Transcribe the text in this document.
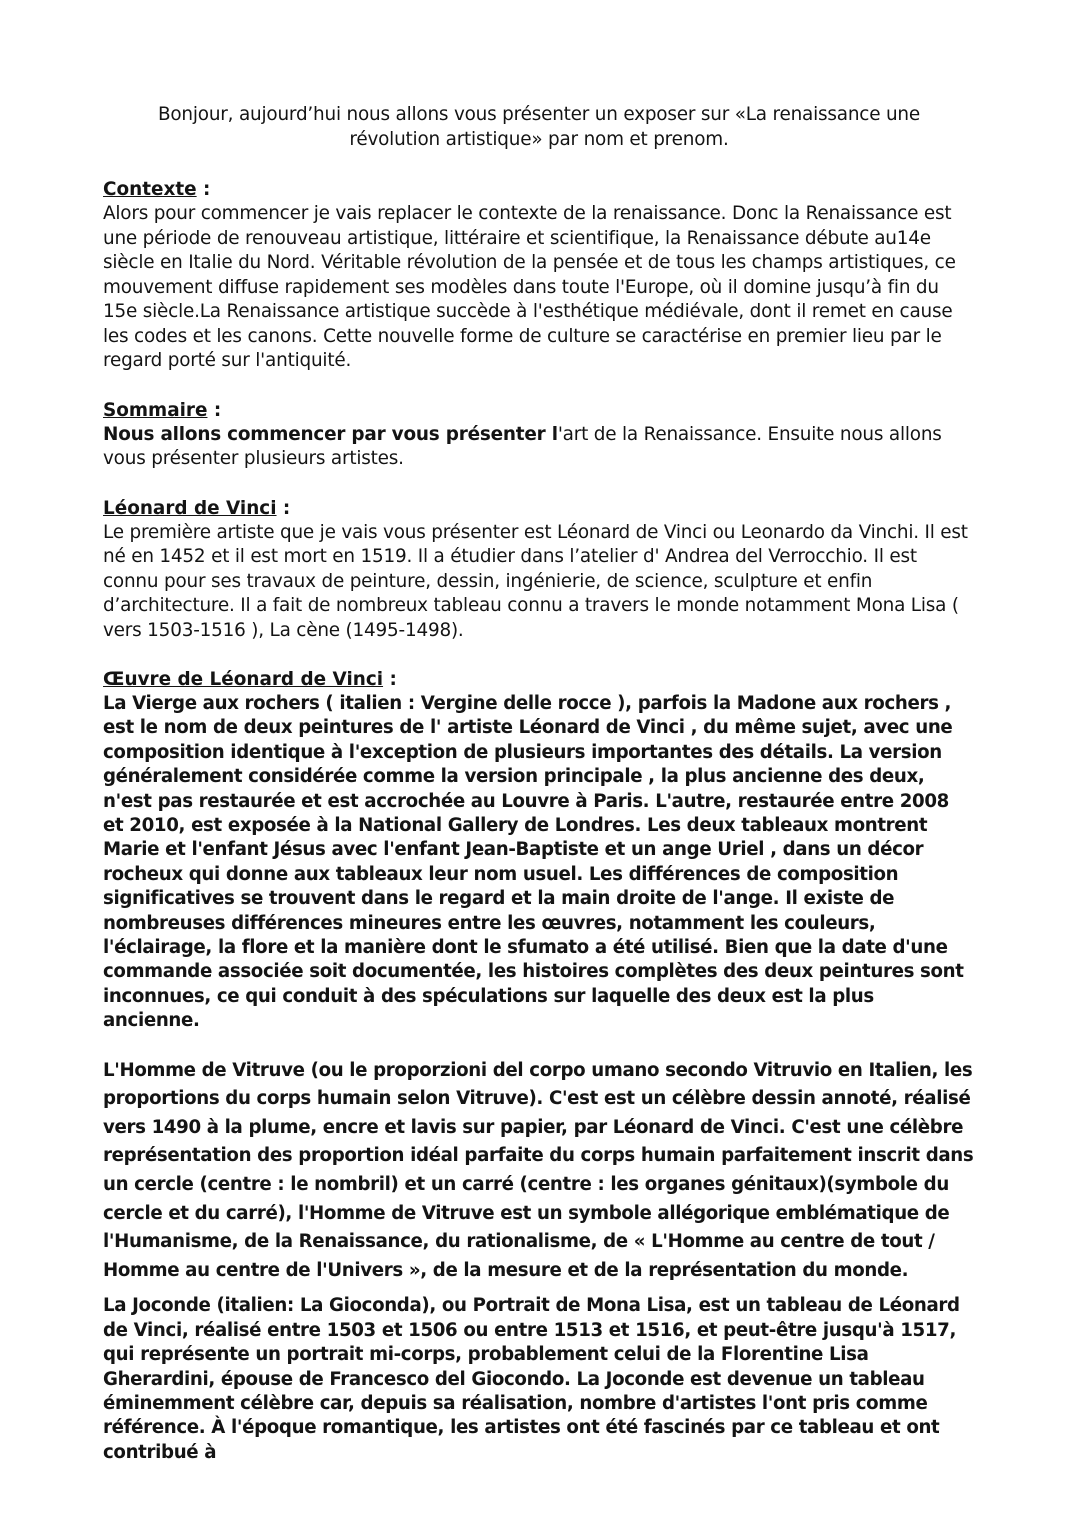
Bonjour, aujourd’hui nous allons vous présenter un exposer sur «La renaissance une révolution artistique» par nom et prenom.

Contexte :

Alors pour commencer je vais replacer le contexte de la renaissance. Donc la Renaissance est une période de renouveau artistique, littéraire et scientifique, la Renaissance débute au14e siècle en Italie du Nord. Véritable révolution de la pensée et de tous les champs artistiques, ce mouvement diffuse rapidement ses modèles dans toute l'Europe, où il domine jusqu’à fin du 15e siècle.La Renaissance artistique succède à l'esthétique médiévale, dont il remet en cause les codes et les canons. Cette nouvelle forme de culture se caractérise en premier lieu par le regard porté sur l'antiquité.

Sommaire :

Nous allons commencer par vous présenter l'art de la Renaissance. Ensuite nous allons vous présenter plusieurs artistes.

Léonard de Vinci :

Le première artiste que je vais vous présenter est Léonard de Vinci ou Leonardo da Vinchi. Il est né en 1452 et il est mort en 1519. Il a étudier dans l’atelier d' Andrea del Verrocchio. Il est connu pour ses travaux de peinture, dessin, ingénierie, de science, sculpture et enfin d’architecture. Il a fait de nombreux tableau connu a travers le monde notamment Mona Lisa ( vers 1503-1516 ), La cène (1495-1498).

Œuvre de Léonard de Vinci :

La Vierge aux rochers ( italien : Vergine delle rocce ), parfois la Madone aux rochers , est le nom de deux peintures de l' artiste Léonard de Vinci , du même sujet, avec une composition identique à l'exception de plusieurs importantes des détails. La version généralement considérée comme la version principale , la plus ancienne des deux, n'est pas restaurée et est accrochée au Louvre à Paris. L'autre, restaurée entre 2008 et 2010, est exposée à la National Gallery de Londres. Les deux tableaux montrent Marie et l'enfant Jésus avec l'enfant Jean-Baptiste et un ange Uriel , dans un décor rocheux qui donne aux tableaux leur nom usuel. Les différences de composition significatives se trouvent dans le regard et la main droite de l'ange. Il existe de nombreuses différences mineures entre les œuvres, notamment les couleurs, l'éclairage, la flore et la manière dont le sfumato a été utilisé. Bien que la date d'une commande associée soit documentée, les histoires complètes des deux peintures sont inconnues, ce qui conduit à des spéculations sur laquelle des deux est la plus ancienne.

L'Homme de Vitruve (ou le proporzioni del corpo umano secondo Vitruvio en Italien, les proportions du corps humain selon Vitruve). C'est est un célèbre dessin annoté, réalisé vers 1490 à la plume, encre et lavis sur papier, par Léonard de Vinci. C'est une célèbre représentation des proportion idéal parfaite du corps humain parfaitement inscrit dans un cercle (centre : le nombril) et un carré (centre : les organes génitaux)(symbole du cercle et du carré), l'Homme de Vitruve est un symbole allégorique emblématique de l'Humanisme, de la Renaissance, du rationalisme, de « L'Homme au centre de tout / Homme au centre de l'Univers », de la mesure et de la représentation du monde.

La Joconde (italien: La Gioconda), ou Portrait de Mona Lisa, est un tableau de Léonard de Vinci, réalisé entre 1503 et 1506 ou entre 1513 et 1516, et peut-être jusqu'à 1517, qui représente un portrait mi-corps, probablement celui de la Florentine Lisa Gherardini, épouse de Francesco del Giocondo. La Joconde est devenue un tableau éminemment célèbre car, depuis sa réalisation, nombre d'artistes l'ont pris comme référence. À l'époque romantique, les artistes ont été fascinés par ce tableau et ont contribué à
